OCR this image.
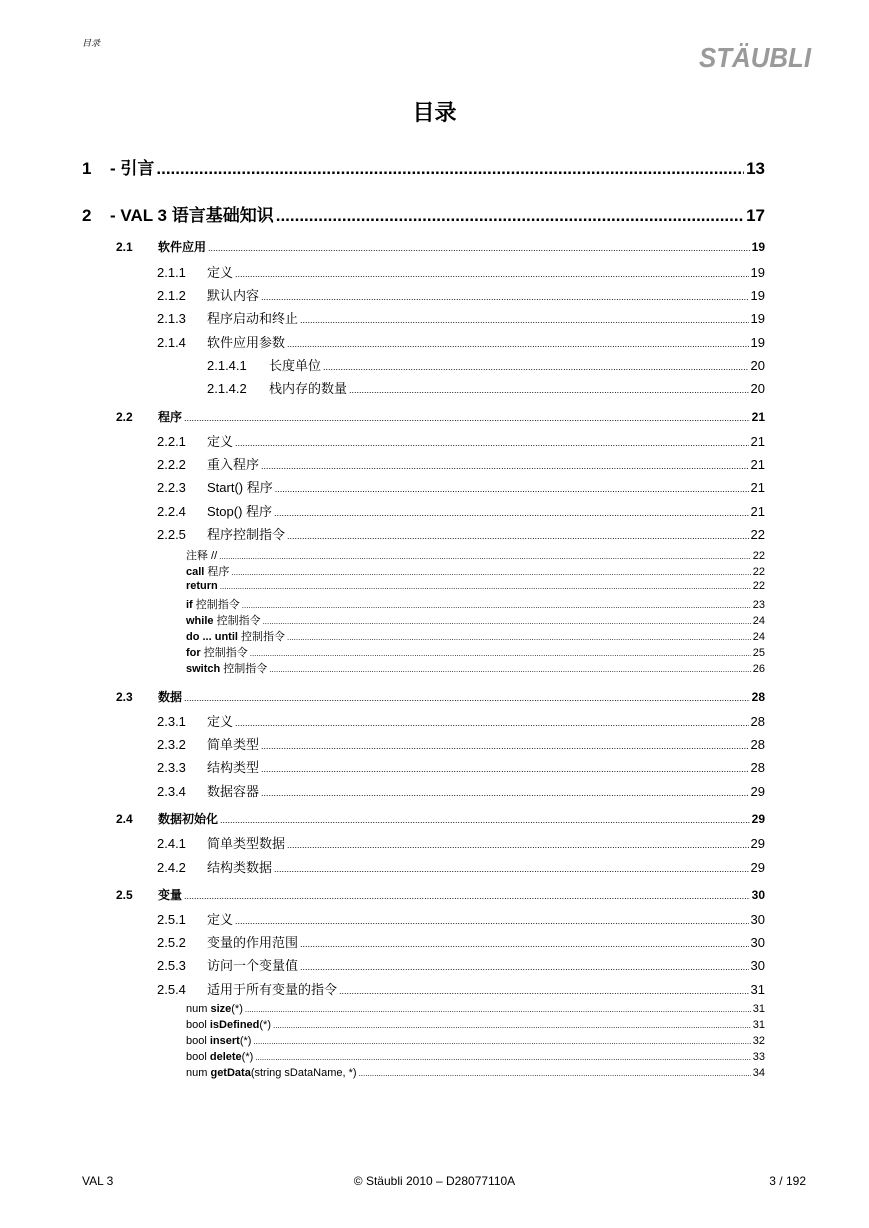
目录	STÄUBLI
目录
1	- 引言 .....	13
2	- VAL 3 语言基础知识 .....	17
2.1	软件应用 .....	19
2.1.1	定义 .....	19
2.1.2	默认内容 .....	19
2.1.3	程序启动和终止 .....	19
2.1.4	软件应用参数 .....	19
2.1.4.1	长度单位 .....	20
2.1.4.2	栈内存的数量 .....	20
2.2	程序 .....	21
2.2.1	定义 .....	21
2.2.2	重入程序 .....	21
2.2.3	Start() 程序 .....	21
2.2.4	Stop() 程序 .....	21
2.2.5	程序控制指令 .....	22
注释 // .....	22
call 程序 .....	22
return .....	22
if 控制指令 .....	23
while 控制指令 .....	24
do ... until 控制指令 .....	24
for 控制指令 .....	25
switch 控制指令 .....	26
2.3	数据 .....	28
2.3.1	定义 .....	28
2.3.2	简单类型 .....	28
2.3.3	结构类型 .....	28
2.3.4	数据容器 .....	29
2.4	数据初始化 .....	29
2.4.1	简单类型数据 .....	29
2.4.2	结构类数据 .....	29
2.5	变量 .....	30
2.5.1	定义 .....	30
2.5.2	变量的作用范围 .....	30
2.5.3	访问一个变量值 .....	30
2.5.4	适用于所有变量的指令 .....	31
num size(*) .....	31
bool isDefined(*) .....	31
bool insert(*) .....	32
bool delete(*) .....	33
num getData(string sDataName, *) .....	34
VAL 3	© Stäubli 2010 – D28077110A	3 / 192
